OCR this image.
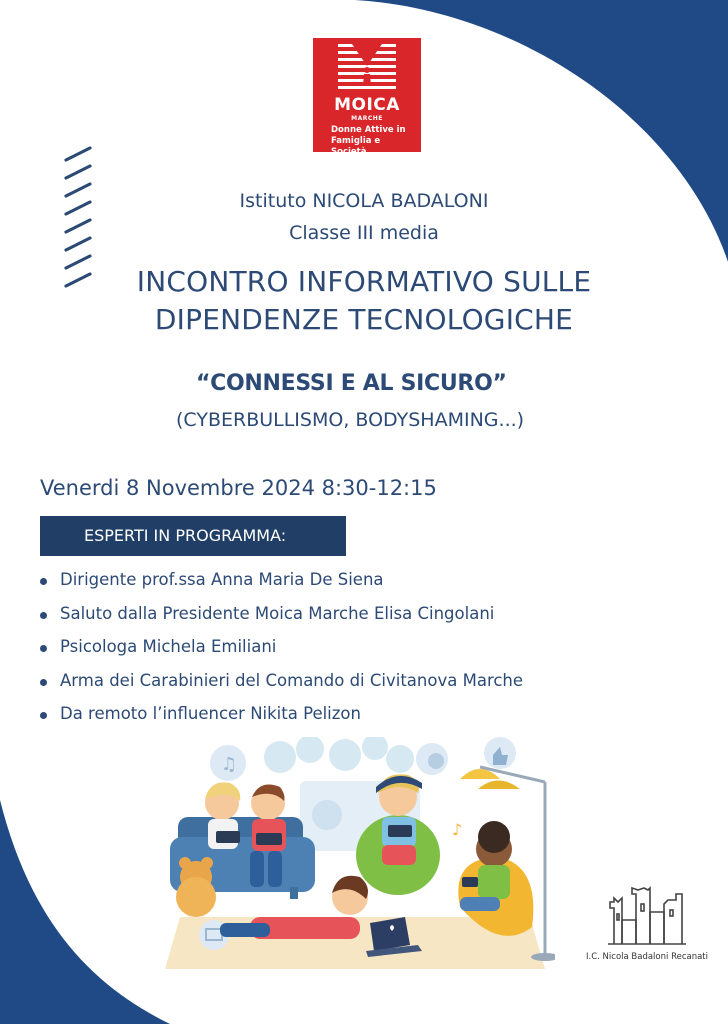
MOICA
MARCHE
Donne Attive in
Famiglia e Società
Istituto NICOLA BADALONI
Classe III media
INCONTRO INFORMATIVO SULLE
DIPENDENZE TECNOLOGICHE
“CONNESSI E AL SICURO”
(CYBERBULLISMO, BODYSHAMING...)
Venerdi 8 Novembre 2024 8:30-12:15
ESPERTI IN PROGRAMMA:
Dirigente prof.ssa Anna Maria De Siena
Saluto dalla Presidente Moica Marche Elisa Cingolani
Psicologa Michela Emiliani
Arma dei Carabinieri del Comando di Civitanova Marche
Da remoto l’influencer Nikita Pelizon
♫
♪
I.C. Nicola Badaloni Recanati
